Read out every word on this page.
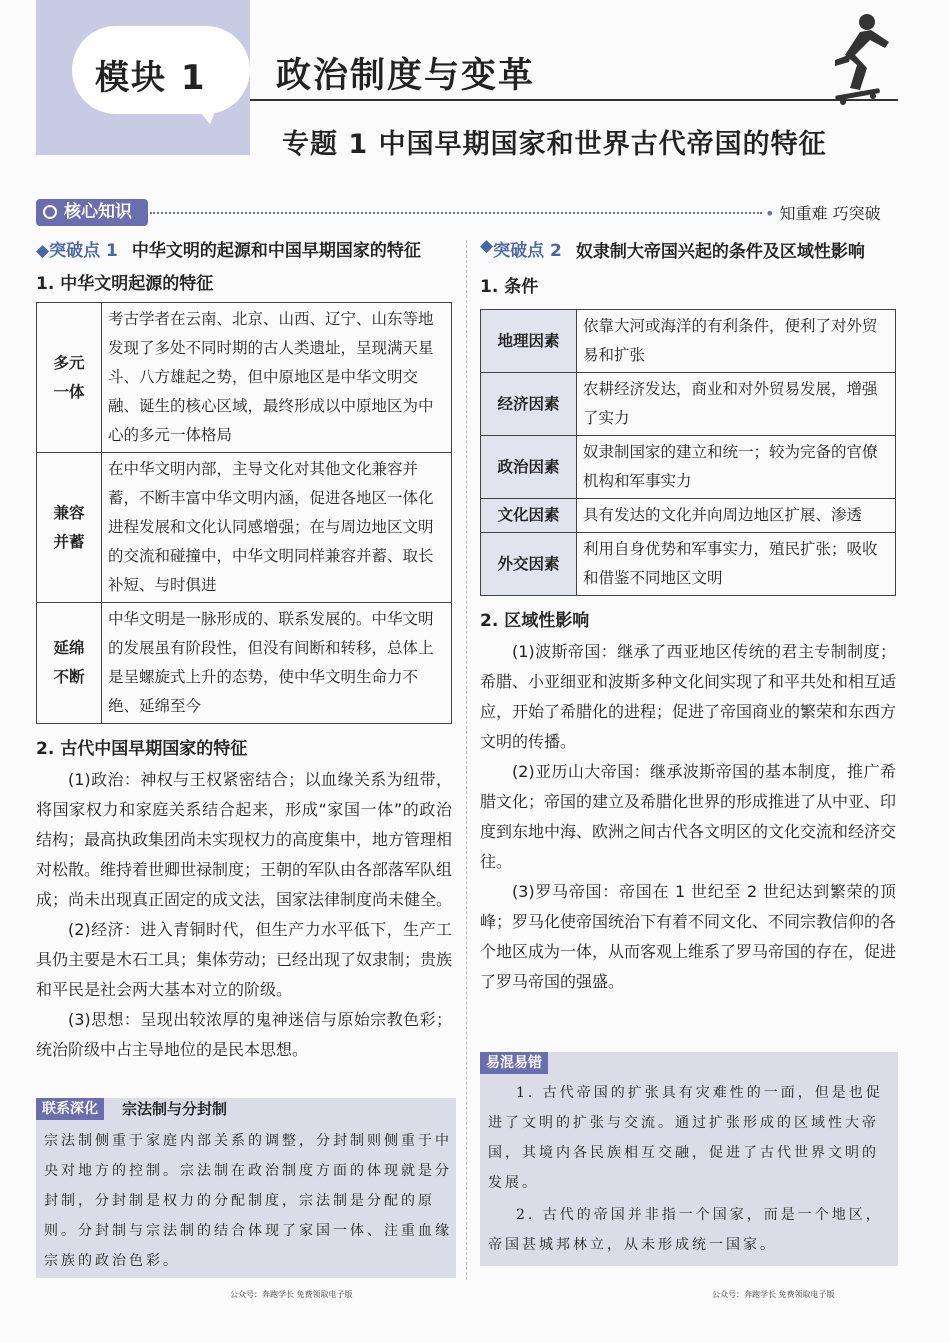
模块 1 政治制度与变革
专题 1 中国早期国家和世界古代帝国的特征
核心知识	• 知重难 巧突破
◆突破点 1 中华文明的起源和中国早期国家的特征
1. 中华文明起源的特征
多元一体	考古学者在云南、北京、山西、辽宁、山东等地发现了多处不同时期的古人类遗址，呈现满天星斗、八方雄起之势，但中原地区是中华文明交融、诞生的核心区域，最终形成以中原地区为中心的多元一体格局

兼容并蓄	在中华文明内部，主导文化对其他文化兼容并蓄，不断丰富中华文明内涵，促进各地区一体化进程发展和文化认同感增强；在与周边地区文明的交流和碰撞中，中华文明同样兼容并蓄、取长补短、与时俱进

延绵不断	中华文明是一脉形成的、联系发展的。中华文明的发展虽有阶段性，但没有间断和转移，总体上是呈螺旋式上升的态势，使中华文明生命力不绝、延绵至今
2. 古代中国早期国家的特征

(1)政治：神权与王权紧密结合；以血缘关系为纽带，将国家权力和家庭关系结合起来，形成“家国一体”的政治结构；最高执政集团尚未实现权力的高度集中，地方管理相对松散。维持着世卿世禄制度；王朝的军队由各部落军队组成；尚未出现真正固定的成文法，国家法律制度尚未健全。

(2)经济：进入青铜时代，但生产力水平低下，生产工具仍主要是木石工具；集体劳动；已经出现了奴隶制；贵族和平民是社会两大基本对立的阶级。

(3)思想：呈现出较浓厚的鬼神迷信与原始宗教色彩；统治阶级中占主导地位的是民本思想。

联系深化	宗法制与分封制
宗法制侧重于家庭内部关系的调整，分封制则侧重于中央对地方的控制。宗法制在政治制度方面的体现就是分封制，分封制是权力的分配制度，宗法制是分配的原则。分封制与宗法制的结合体现了家国一体、注重血缘宗族的政治色彩。
◆ 突破点 2 奴隶制大帝国兴起的条件及区域性影响
1. 条件
地理因素	依靠大河或海洋的有利条件，便利了对外贸易和扩张
经济因素	农耕经济发达，商业和对外贸易发展，增强了实力
政治因素	奴隶制国家的建立和统一；较为完备的官僚机构和军事实力
文化因素	具有发达的文化并向周边地区扩展、渗透
外交因素	利用自身优势和军事实力，殖民扩张；吸收和借鉴不同地区文明
2. 区域性影响

(1)波斯帝国：继承了西亚地区传统的君主专制制度；希腊、小亚细亚和波斯多种文化间实现了和平共处和相互适应，开始了希腊化的进程；促进了帝国商业的繁荣和东西方文明的传播。

(2)亚历山大帝国：继承波斯帝国的基本制度，推广希腊文化；帝国的建立及希腊化世界的形成推进了从中亚、印度到东地中海、欧洲之间古代各文明区的文化交流和经济交往。

(3)罗马帝国：帝国在 1 世纪至 2 世纪达到繁荣的顶峰；罗马化使帝国统治下有着不同文化、不同宗教信仰的各个地区成为一体，从而客观上维系了罗马帝国的存在，促进了罗马帝国的强盛。

易混易错
1. 古代帝国的扩张具有灾难性的一面，但是也促进了文明的扩张与交流。通过扩张形成的区域性大帝国，其境内各民族相互交融，促进了古代世界文明的发展。
2. 古代的帝国并非指一个国家，而是一个地区，帝国甚城邦林立，从未形成统一国家。
公众号：奔跑学长 免费领取电子版	公众号：奔跑学长 免费领取电子版
